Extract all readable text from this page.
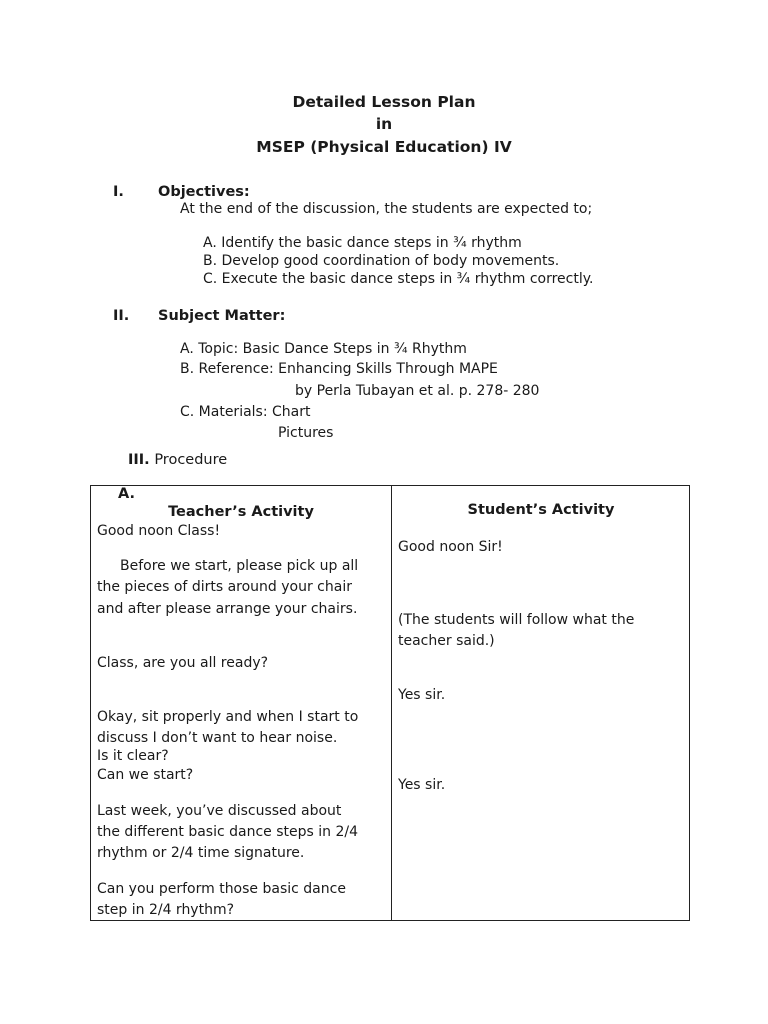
Detailed Lesson Plan
in
MSEP (Physical Education) IV
I. Objectives:
At the end of the discussion, the students are expected to;
A. Identify the basic dance steps in ¾ rhythm
B. Develop good coordination of body movements.
C. Execute the basic dance steps in ¾ rhythm correctly.
II. Subject Matter:
A. Topic: Basic Dance Steps in ¾ Rhythm
B. Reference: Enhancing Skills Through MAPE
by Perla Tubayan et al. p. 278- 280
C. Materials: Chart
Pictures
III. Procedure
A.
Teacher’s Activity
Good noon Class!
Before we start, please pick up all
the pieces of dirts around your chair
and after please arrange your chairs.
Class, are you all ready?
Okay, sit properly and when I start to
discuss I don’t want to hear noise.
Is it clear?
Can we start?
Last week, you’ve discussed about
the different basic dance steps in 2/4
rhythm or 2/4 time signature.
Can you perform those basic dance
step in 2/4 rhythm?
Student’s Activity
Good noon Sir!
(The students will follow what the
teacher said.)
Yes sir.
Yes sir.
